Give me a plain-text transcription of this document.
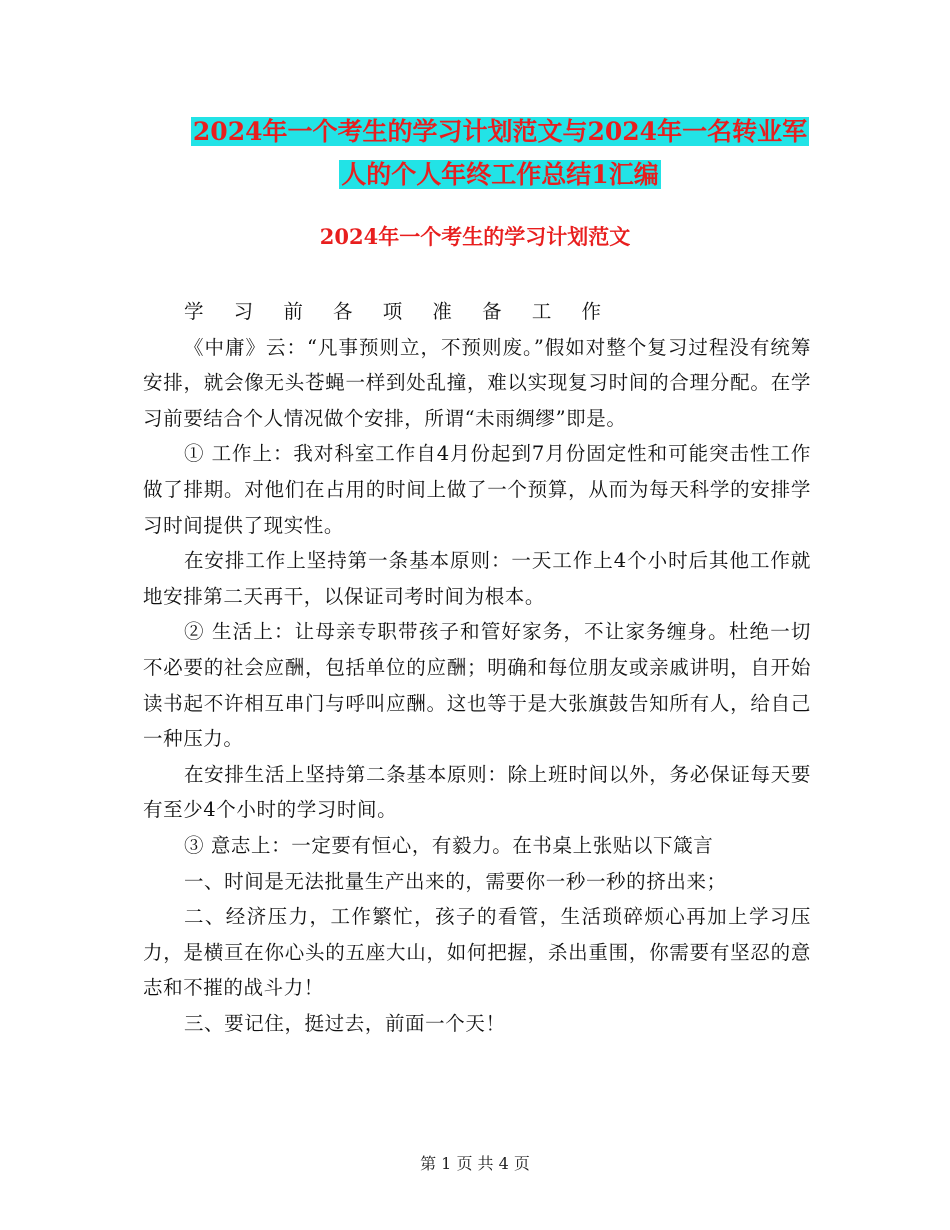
2024年一个考生的学习计划范文与2024年一名转业军
人的个人年终工作总结1汇编
2024年一个考生的学习计划范文

学 习 前 各 项 准 备 工 作

《中庸》云：“凡事预则立，不预则废。”假如对整个复习过程没有统筹安排，就会像无头苍蝇一样到处乱撞，难以实现复习时间的合理分配。在学习前要结合个人情况做个安排，所谓“未雨绸缪”即是。

① 工作上：我对科室工作自4月份起到7月份固定性和可能突击性工作做了排期。对他们在占用的时间上做了一个预算，从而为每天科学的安排学习时间提供了现实性。

在安排工作上坚持第一条基本原则：一天工作上4个小时后其他工作就地安排第二天再干，以保证司考时间为根本。

② 生活上：让母亲专职带孩子和管好家务，不让家务缠身。杜绝一切不必要的社会应酬，包括单位的应酬；明确和每位朋友或亲戚讲明，自开始读书起不许相互串门与呼叫应酬。这也等于是大张旗鼓告知所有人，给自己一种压力。

在安排生活上坚持第二条基本原则：除上班时间以外，务必保证每天要有至少4个小时的学习时间。

③ 意志上：一定要有恒心，有毅力。在书桌上张贴以下箴言

一、时间是无法批量生产出来的，需要你一秒一秒的挤出来；

二、经济压力，工作繁忙，孩子的看管，生活琐碎烦心再加上学习压力，是横亘在你心头的五座大山，如何把握，杀出重围，你需要有坚忍的意志和不摧的战斗力！

三、要记住，挺过去，前面一个天！

第 1 页 共 4 页
